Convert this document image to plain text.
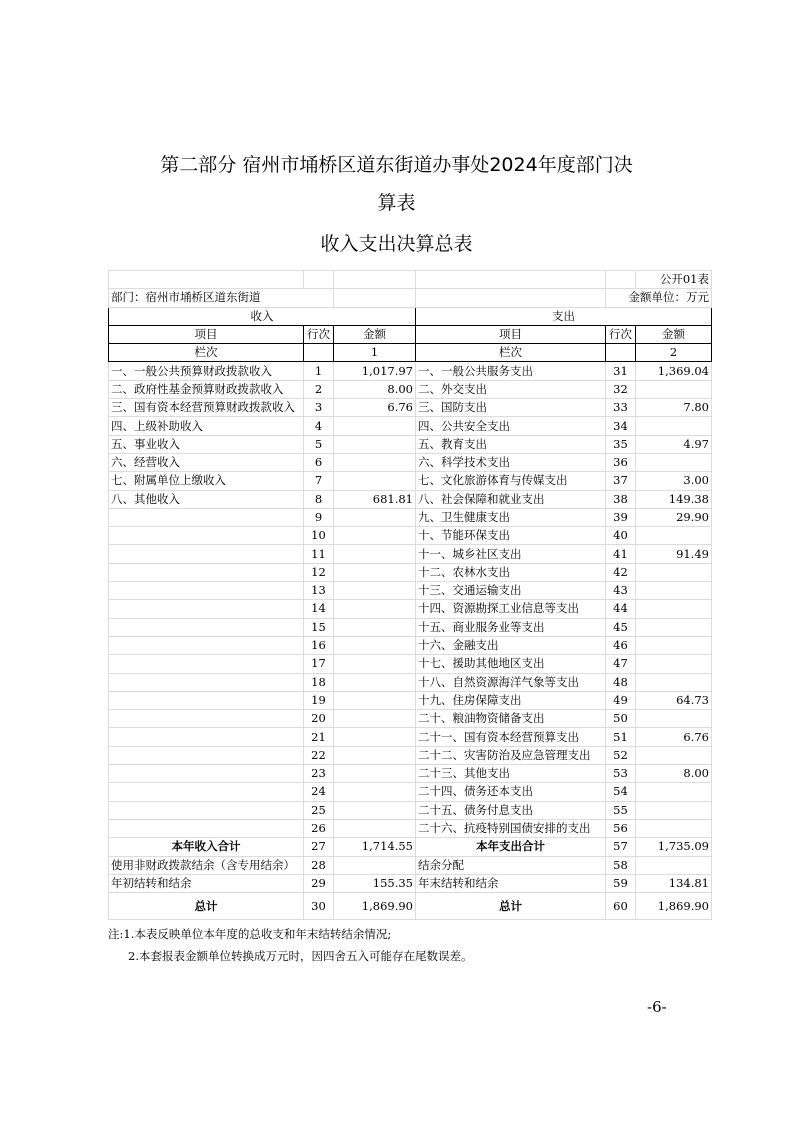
第二部分 宿州市埇桥区道东街道办事处2024年度部门决
算表
收入支出决算总表
					公开01表
部门：宿州市埇桥区道东街道				金额单位：万元	
收入			支出		
项目	行次	金额	项目	行次	金额
栏次		1	栏次		2
一、一般公共预算财政拨款收入	1	1,017.97	一、一般公共服务支出	31	1,369.04
二、政府性基金预算财政拨款收入	2	8.00	二、外交支出	32	
三、国有资本经营预算财政拨款收入	3	6.76	三、国防支出	33	7.80
四、上级补助收入	4		四、公共安全支出	34	
五、事业收入	5		五、教育支出	35	4.97
六、经营收入	6		六、科学技术支出	36	
七、附属单位上缴收入	7		七、文化旅游体育与传媒支出	37	3.00
八、其他收入	8	681.81	八、社会保障和就业支出	38	149.38
	9		九、卫生健康支出	39	29.90
	10		十、节能环保支出	40	
	11		十一、城乡社区支出	41	91.49
	12		十二、农林水支出	42	
	13		十三、交通运输支出	43	
	14		十四、资源勘探工业信息等支出	44	
	15		十五、商业服务业等支出	45	
	16		十六、金融支出	46	
	17		十七、援助其他地区支出	47	
	18		十八、自然资源海洋气象等支出	48	
	19		十九、住房保障支出	49	64.73
	20		二十、粮油物资储备支出	50	
	21		二十一、国有资本经营预算支出	51	6.76
	22		二十二、灾害防治及应急管理支出	52	
	23		二十三、其他支出	53	8.00
	24		二十四、债务还本支出	54	
	25		二十五、债务付息支出	55	
	26		二十六、抗疫特别国债安排的支出	56	
本年收入合计	27	1,714.55	本年支出合计	57	1,735.09
使用非财政拨款结余（含专用结余）	28		结余分配	58	
年初结转和结余	29	155.35	年末结转和结余	59	134.81
总计	30	1,869.90	总计	60	1,869.90
注:1.本表反映单位本年度的总收支和年末结转结余情况;
2.本套报表金额单位转换成万元时，因四舍五入可能存在尾数误差。
-6-
